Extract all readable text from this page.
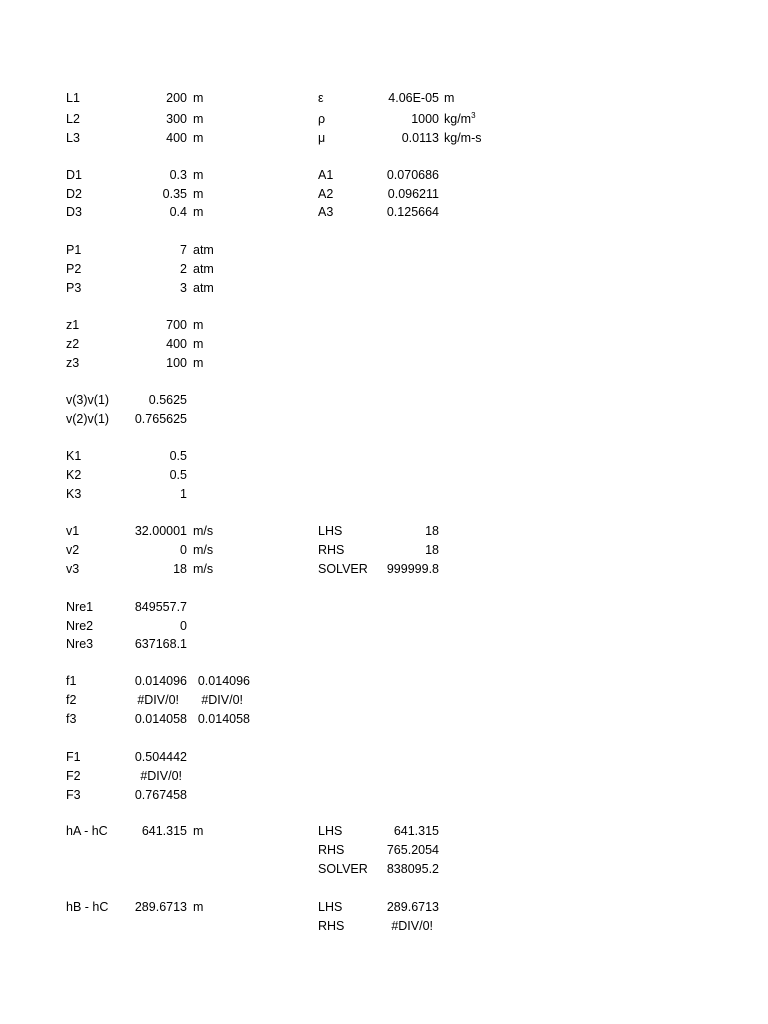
L1	200 m	ε	4.06E-05 m
L2	300 m	ρ	1000 $kg/m^3$
L3	400 m	μ	0.0113 kg/m-s
D1	0.3 m	A1	0.070686
D2	0.35 m	A2	0.096211
D3	0.4 m	A3	0.125664
P1	7 atm
P2	2 atm
P3	3 atm
z1	700 m
z2	400 m
z3	100 m
v(3)v(1)	0.5625
v(2)v(1)	0.765625
K1	0.5
K2	0.5
K3	1
v1	32.00001 m/s	LHS	18
v2	0 m/s	RHS	18
v3	18 m/s	SOLVER	999999.8
Nre1	849557.7
Nre2	0
Nre3	637168.1
f1	0.014096 0.014096
f2	#DIV/0!	#DIV/0!
f3	0.014058 0.014058
F1	0.504442
F2	#DIV/0!
F3	0.767458
hA - hC	641.315 m	LHS	641.315
RHS	765.2054
SOLVER	838095.2
hB - hC	289.6713 m	LHS	289.6713
RHS	#DIV/0!
